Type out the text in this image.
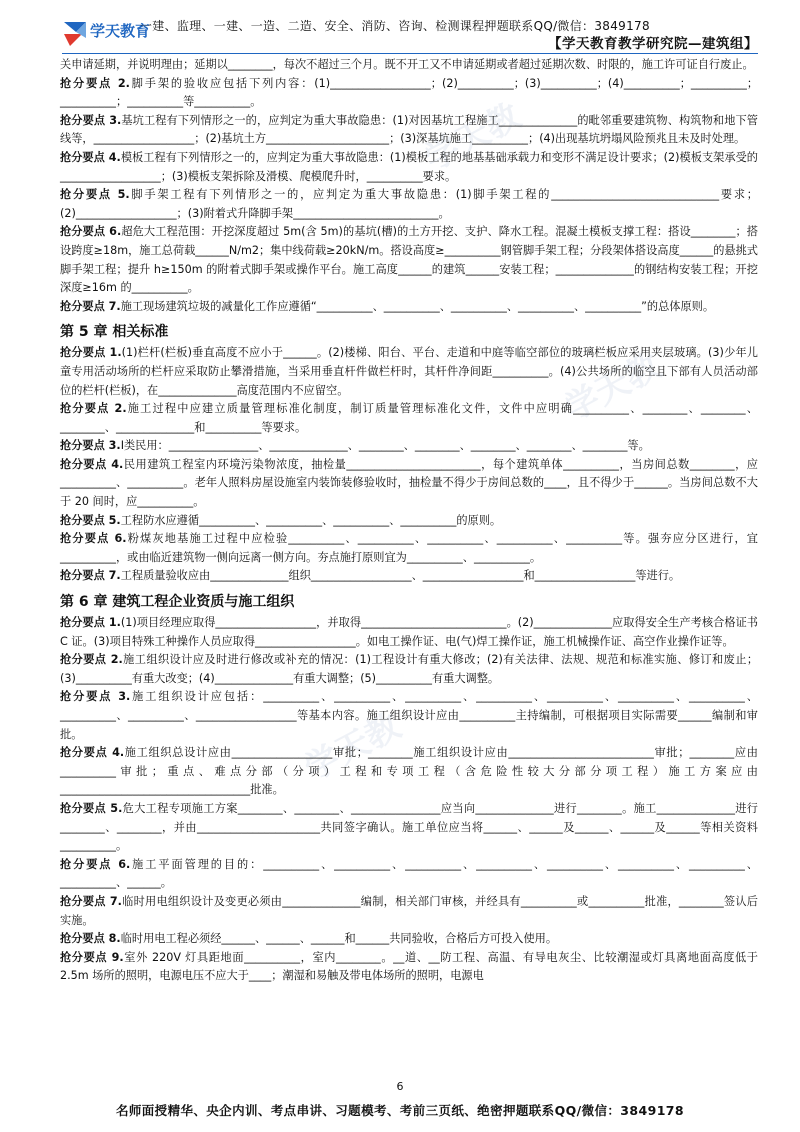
学天教
学天教
学天教
学天教育
一建、监理、一建、一造、二造、安全、消防、咨询、检测课程押题联系QQ/微信：3849178
【学天教育教学研究院—建筑组】

关申请延期，并说明理由；延期以________，每次不超过三个月。既不开工又不申请延期或者超过延期次数、时限的，施工许可证自行废止。

抢分要点 2.脚手架的验收应包括下列内容：(1)__________________；(2)__________；(3)__________；(4)__________；__________；__________；__________等__________。

抢分要点 3.基坑工程有下列情形之一的，应判定为重大事故隐患：(1)对因基坑工程施工______________的毗邻重要建筑物、构筑物和地下管线等，__________________；(2)基坑土方______________________；(3)深基坑施工__________；(4)出现基坑坍塌风险预兆且未及时处理。

抢分要点 4.模板工程有下列情形之一的，应判定为重大事故隐患：(1)模板工程的地基基础承载力和变形不满足设计要求；(2)模板支架承受的__________________；(3)模板支架拆除及滑模、爬模爬升时，__________要求。

抢分要点 5.脚手架工程有下列情形之一的，应判定为重大事故隐患：(1)脚手架工程的______________________________要求；(2)__________________；(3)附着式升降脚手架__________________________。

抢分要点 6.超危大工程范围：开挖深度超过 5m(含 5m)的基坑(槽)的土方开挖、支护、降水工程。混凝土模板支撑工程：搭设________；搭设跨度≥18m，施工总荷载______N/m2；集中线荷载≥20kN/m。搭设高度≥__________钢管脚手架工程；分段架体搭设高度______的悬挑式脚手架工程；提升 h≥150m 的附着式脚手架或操作平台。施工高度______的建筑______安装工程；______________的钢结构安装工程；开挖深度≥16m 的__________。

抢分要点 7.施工现场建筑垃圾的减量化工作应遵循“__________、__________、__________、__________、__________”的总体原则。

第 5 章 相关标准

抢分要点 1.(1)栏杆(栏板)垂直高度不应小于______。(2)楼梯、阳台、平台、走道和中庭等临空部位的玻璃栏板应采用夹层玻璃。(3)少年儿童专用活动场所的栏杆应采取防止攀滑措施，当采用垂直杆件做栏杆时，其杆件净间距__________。(4)公共场所的临空且下部有人员活动部位的栏杆(栏板)，在______________高度范围内不应留空。

抢分要点 2.施工过程中应建立质量管理标准化制度，制订质量管理标准化文件，文件中应明确__________、________、________、________、______________和__________等要求。

抢分要点 3.Ⅰ类民用：________________、______________、________、________、________、________、________等。

抢分要点 4.民用建筑工程室内环境污染物浓度，抽检量________________________，每个建筑单体__________，当房间总数________，应__________、__________。老年人照料房屋设施室内装饰装修验收时，抽检量不得少于房间总数的____，且不得少于______。当房间总数不大于 20 间时，应__________。

抢分要点 5.工程防水应遵循__________、__________、__________、__________的原则。

抢分要点 6.粉煤灰地基施工过程中应检验__________、__________、__________、__________、__________等。强夯应分区进行，宜__________，或由临近建筑物一侧向远离一侧方向。夯点施打原则宜为__________、__________。

抢分要点 7.工程质量验收应由______________组织__________________、__________________和__________________等进行。

第 6 章 建筑工程企业资质与施工组织

抢分要点 1.(1)项目经理应取得__________________，并取得__________________________。(2)______________应取得安全生产考核合格证书 C 证。(3)项目特殊工种操作人员应取得__________________。如电工操作证、电(气)焊工操作证，施工机械操作证、高空作业操作证等。

抢分要点 2.施工组织设计应及时进行修改或补充的情况：(1)工程设计有重大修改；(2)有关法律、法规、规范和标准实施、修订和废止；(3)__________有重大改变；(4)______________有重大调整；(5)__________有重大调整。

抢分要点 3.施工组织设计应包括：__________、__________、__________、__________、__________、__________、__________、__________、__________、__________________等基本内容。施工组织设计应由__________主持编制，可根据项目实际需要______编制和审批。

抢分要点 4.施工组织总设计应由__________________审批；________施工组织设计应由__________________________审批；________应由__________审批；重点、难点分部（分项）工程和专项工程（含危险性较大分部分项工程）施工方案应由__________________________________批准。

抢分要点 5.危大工程专项施工方案________、________、________________应当向______________进行________。施工______________进行________、________，并由______________________共同签字确认。施工单位应当将______、______及______、______及______等相关资料__________。

抢分要点 6.施工平面管理的目的：__________、__________、__________、__________、__________、__________、__________、__________、______。

抢分要点 7.临时用电组织设计及变更必须由______________编制，相关部门审核，并经具有__________或__________批准，________签认后实施。

抢分要点 8.临时用电工程必须经______、______、______和______共同验收，合格后方可投入使用。

抢分要点 9.室外 220V 灯具距地面__________，室内________。__道、__防工程、高温、有导电灰尘、比较潮湿或灯具离地面高度低于 2.5m 场所的照明，电源电压不应大于____；潮湿和易触及带电体场所的照明，电源电

6
名师面授精华、央企内训、考点串讲、习题模考、考前三页纸、绝密押题联系QQ/微信：3849178
